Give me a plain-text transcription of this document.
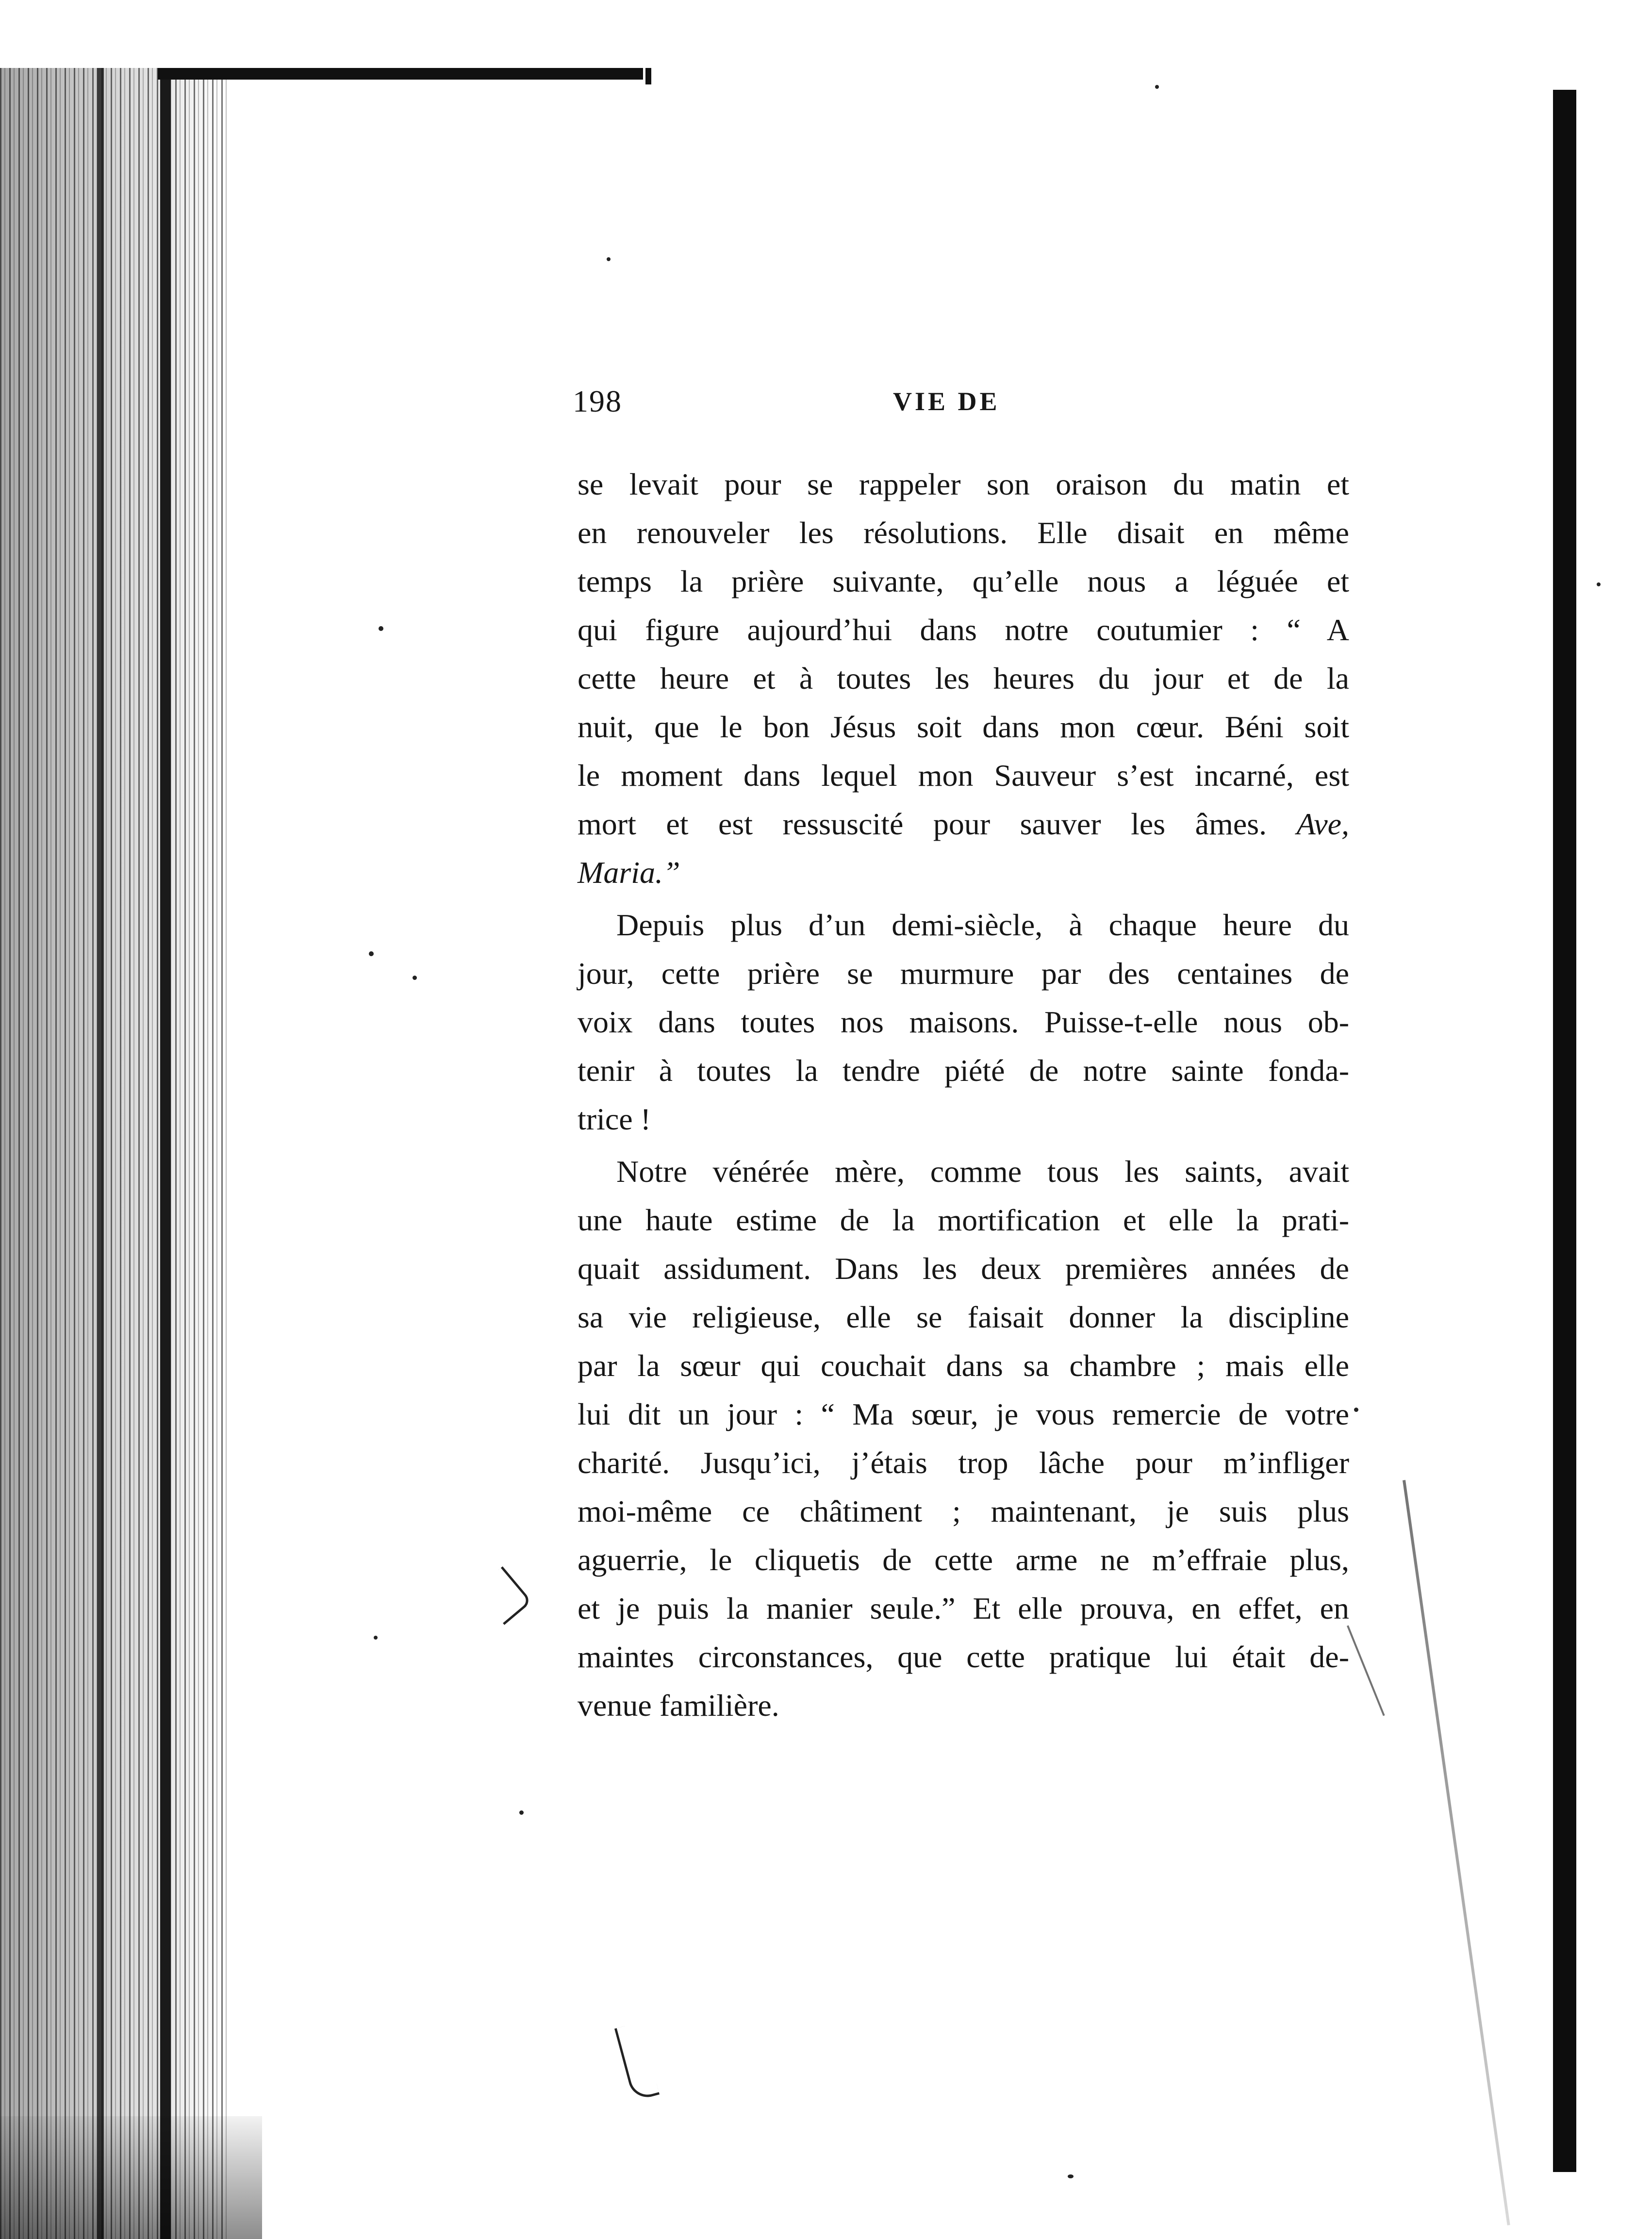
198	VIE DE
se levait pour se rappeler son oraison du matin et
en renouveler les résolutions. Elle disait en même
temps la prière suivante, qu’elle nous a léguée et
qui figure aujourd’hui dans notre coutumier : “ A
cette heure et à toutes les heures du jour et de la
nuit, que le bon Jésus soit dans mon cœur. Béni soit
le moment dans lequel mon Sauveur s’est incarné, est
mort et est ressuscité pour sauver les âmes. Ave,
Maria.”
Depuis plus d’un demi-siècle, à chaque heure du
jour, cette prière se murmure par des centaines de
voix dans toutes nos maisons. Puisse-t-elle nous ob-
tenir à toutes la tendre piété de notre sainte fonda-
trice !
Notre vénérée mère, comme tous les saints, avait
une haute estime de la mortification et elle la prati-
quait assidument. Dans les deux premières années de
sa vie religieuse, elle se faisait donner la discipline
par la sœur qui couchait dans sa chambre ; mais elle
lui dit un jour : “ Ma sœur, je vous remercie de votre
charité. Jusqu’ici, j’étais trop lâche pour m’infliger
moi-même ce châtiment ; maintenant, je suis plus
aguerrie, le cliquetis de cette arme ne m’effraie plus,
et je puis la manier seule.” Et elle prouva, en effet, en
maintes circonstances, que cette pratique lui était de-
venue familière.
